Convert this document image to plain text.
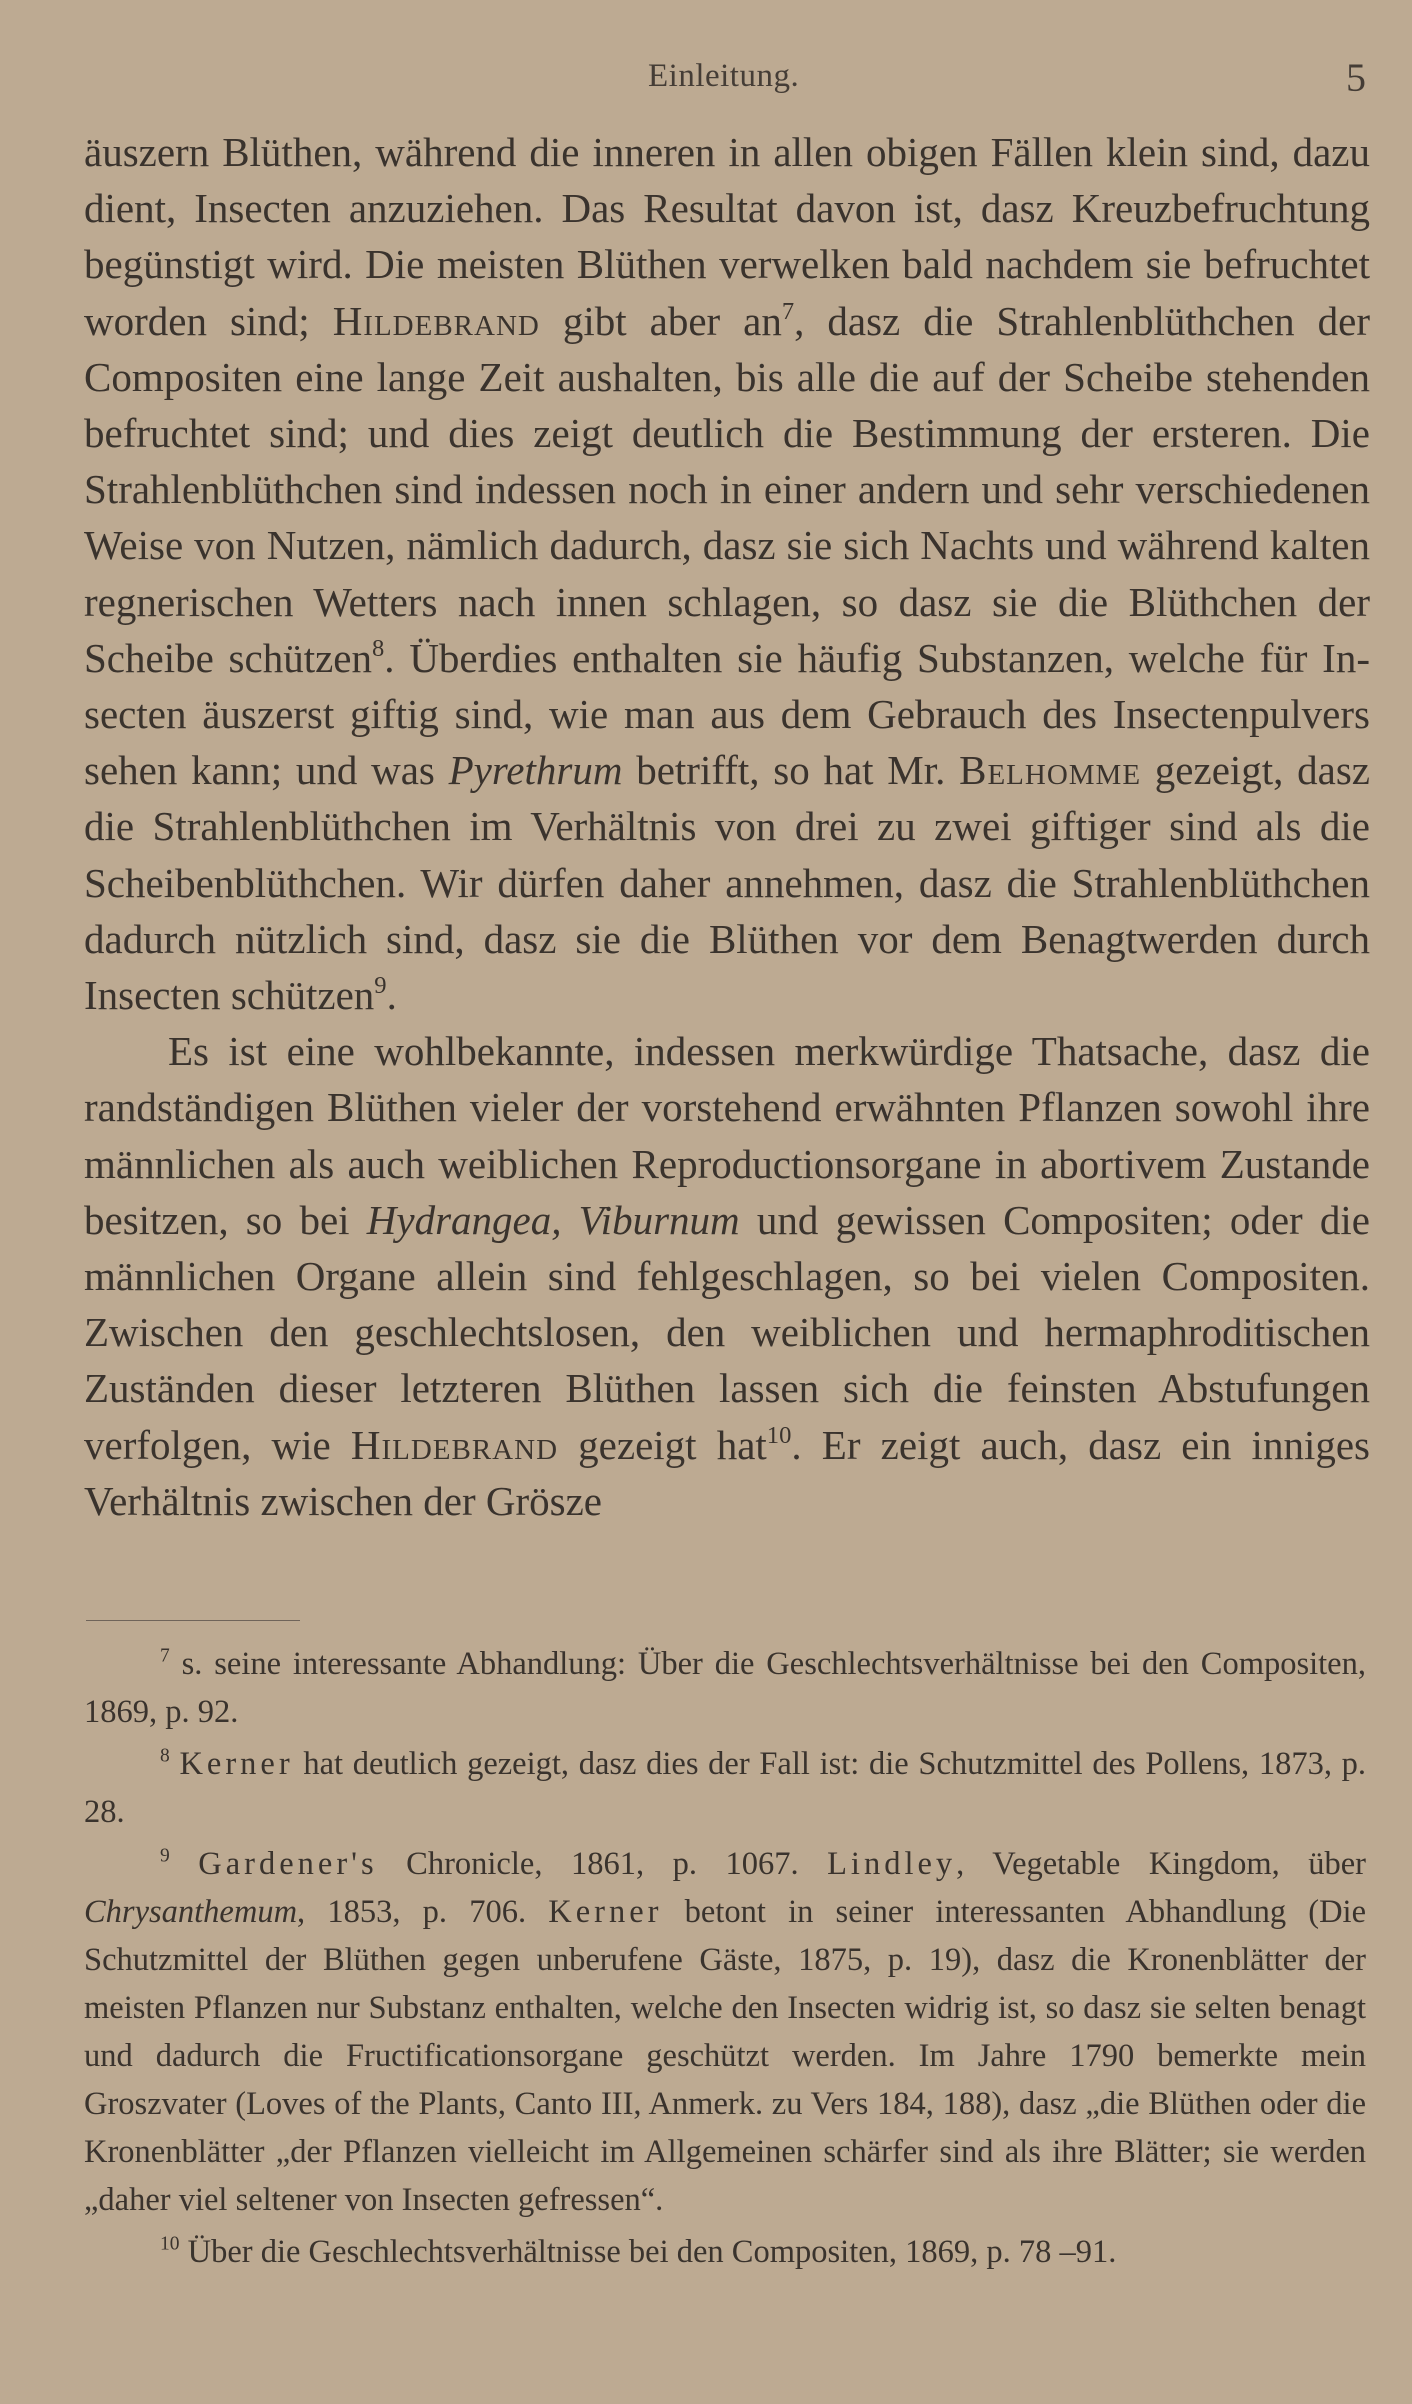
Einleitung.	5

äuszern Blüthen, während die inneren in allen obigen Fällen klein sind, dazu dient, Insecten anzuziehen. Das Resultat davon ist, dasz Kreuzbefruchtung begünstigt wird. Die meisten Blüthen verwelken bald nachdem sie befruchtet worden sind; Hildebrand gibt aber an$^7$, dasz die Strahlenblüthchen der Compositen eine lange Zeit aushalten, bis alle die auf der Scheibe stehenden befruchtet sind; und dies zeigt deutlich die Bestimmung der ersteren. Die Strahlenblüthchen sind indessen noch in einer andern und sehr verschiedenen Weise von Nutzen, nämlich dadurch, dasz sie sich Nachts und während kalten regnerischen Wetters nach innen schlagen, so dasz sie die Blüthchen der Scheibe schützen$^8$. Überdies enthalten sie häufig Substanzen, welche für Insecten äuszerst giftig sind, wie man aus dem Gebrauch des Insectenpulvers sehen kann; und was Pyrethrum betrifft, so hat Mr. Belhomme gezeigt, dasz die Strahlenblüthchen im Verhältnis von drei zu zwei giftiger sind als die Scheibenblüthchen. Wir dürfen daher annehmen, dasz die Strahlenblüthchen dadurch nützlich sind, dasz sie die Blüthen vor dem Benagtwerden durch Insecten schützen$^9$.

Es ist eine wohlbekannte, indessen merkwürdige Thatsache, dasz die randständigen Blüthen vieler der vorstehend erwähnten Pflanzen sowohl ihre männlichen als auch weiblichen Reproductionsorgane in abortivem Zustande besitzen, so bei Hydrangea, Viburnum und gewissen Compositen; oder die männlichen Organe allein sind fehlgeschlagen, so bei vielen Compositen. Zwischen den geschlechtslosen, den weiblichen und hermaphroditischen Zuständen dieser letzteren Blüthen lassen sich die feinsten Abstufungen verfolgen, wie Hildebrand gezeigt hat$^{10}$. Er zeigt auch, dasz ein inniges Verhältnis zwischen der Grösze

$^7$ s. seine interessante Abhandlung: Über die Geschlechtsverhältnisse bei den Compositen, 1869, p. 92.

$^8$ Kerner hat deutlich gezeigt, dasz dies der Fall ist: die Schutzmittel des Pollens, 1873, p. 28.

$^9$ Gardener's Chronicle, 1861, p. 1067. Lindley, Vegetable Kingdom, über Chrysanthemum, 1853, p. 706. Kerner betont in seiner interessanten Abhandlung (Die Schutzmittel der Blüthen gegen unberufene Gäste, 1875, p. 19), dasz die Kronenblätter der meisten Pflanzen nur Substanz enthalten, welche den Insecten widrig ist, so dasz sie selten benagt und dadurch die Fructificationsorgane geschützt werden. Im Jahre 1790 bemerkte mein Groszvater (Loves of the Plants, Canto III, Anmerk. zu Vers 184, 188), dasz „die Blüthen oder die Kronenblätter „der Pflanzen vielleicht im Allgemeinen schärfer sind als ihre Blätter; sie werden „daher viel seltener von Insecten gefressen“.

$^{10}$ Über die Geschlechtsverhältnisse bei den Compositen, 1869, p. 78 –91.
